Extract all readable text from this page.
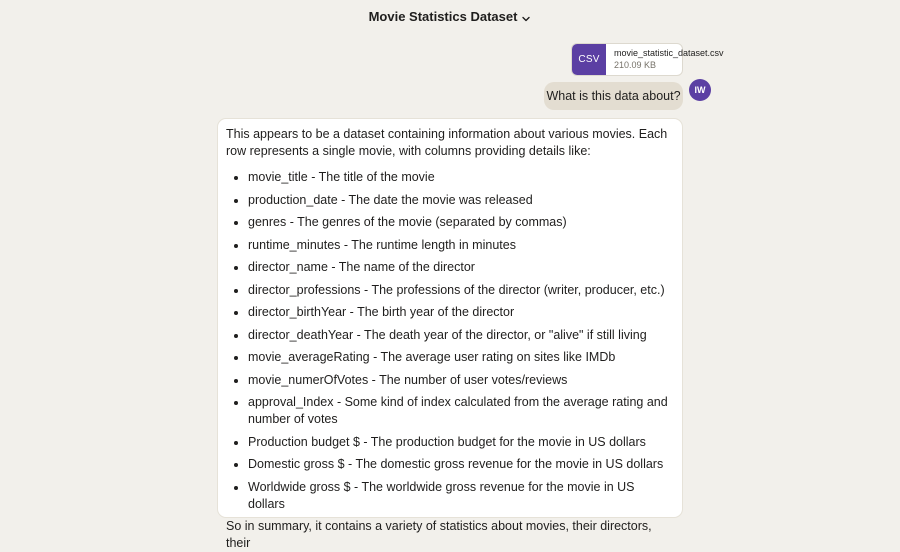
Movie Statistics Dataset
CSV
movie_statistic_dataset.csv
210.09 KB
What is this data about?	IW

This appears to be a dataset containing information about various movies. Each row represents a single movie, with columns providing details like:

• movie_title - The title of the movie
• production_date - The date the movie was released
• genres - The genres of the movie (separated by commas)
• runtime_minutes - The runtime length in minutes
• director_name - The name of the director
• director_professions - The professions of the director (writer, producer, etc.)
• director_birthYear - The birth year of the director
• director_deathYear - The death year of the director, or "alive" if still living
• movie_averageRating - The average user rating on sites like IMDb
• movie_numerOfVotes - The number of user votes/reviews
• approval_Index - Some kind of index calculated from the average rating and number of votes
• Production budget $ - The production budget for the movie in US dollars
• Domestic gross $ - The domestic gross revenue for the movie in US dollars
• Worldwide gross $ - The worldwide gross revenue for the movie in US dollars

So in summary, it contains a variety of statistics about movies, their directors, their
